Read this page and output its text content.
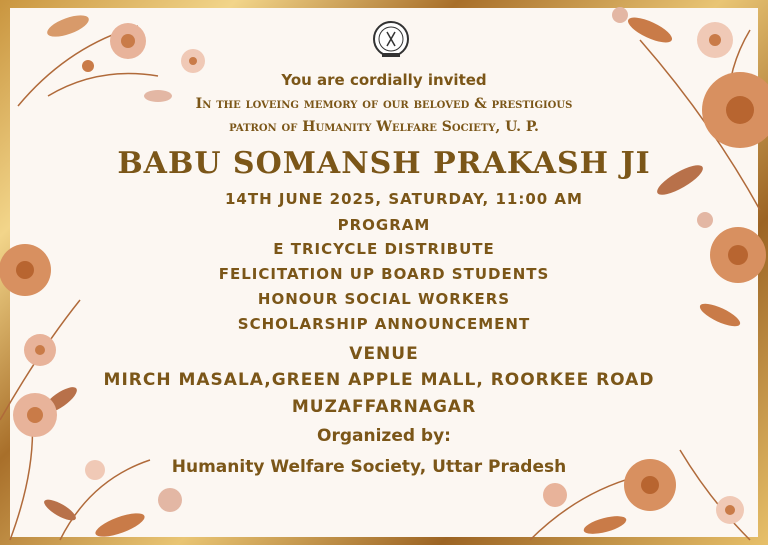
You are cordially invited
In the loveing memory of our beloved & prestigious
patron of Humanity Welfare Society, U. P.
BABU SOMANSH PRAKASH JI
14TH JUNE 2025, SATURDAY, 11:00 AM
PROGRAM
E TRICYCLE DISTRIBUTE
FELICITATION UP BOARD STUDENTS
HONOUR SOCIAL WORKERS
SCHOLARSHIP ANNOUNCEMENT
VENUE
MIRCH MASALA,GREEN APPLE MALL, ROORKEE ROAD
MUZAFFARNAGAR
Organized by:
Humanity Welfare Society, Uttar Pradesh
